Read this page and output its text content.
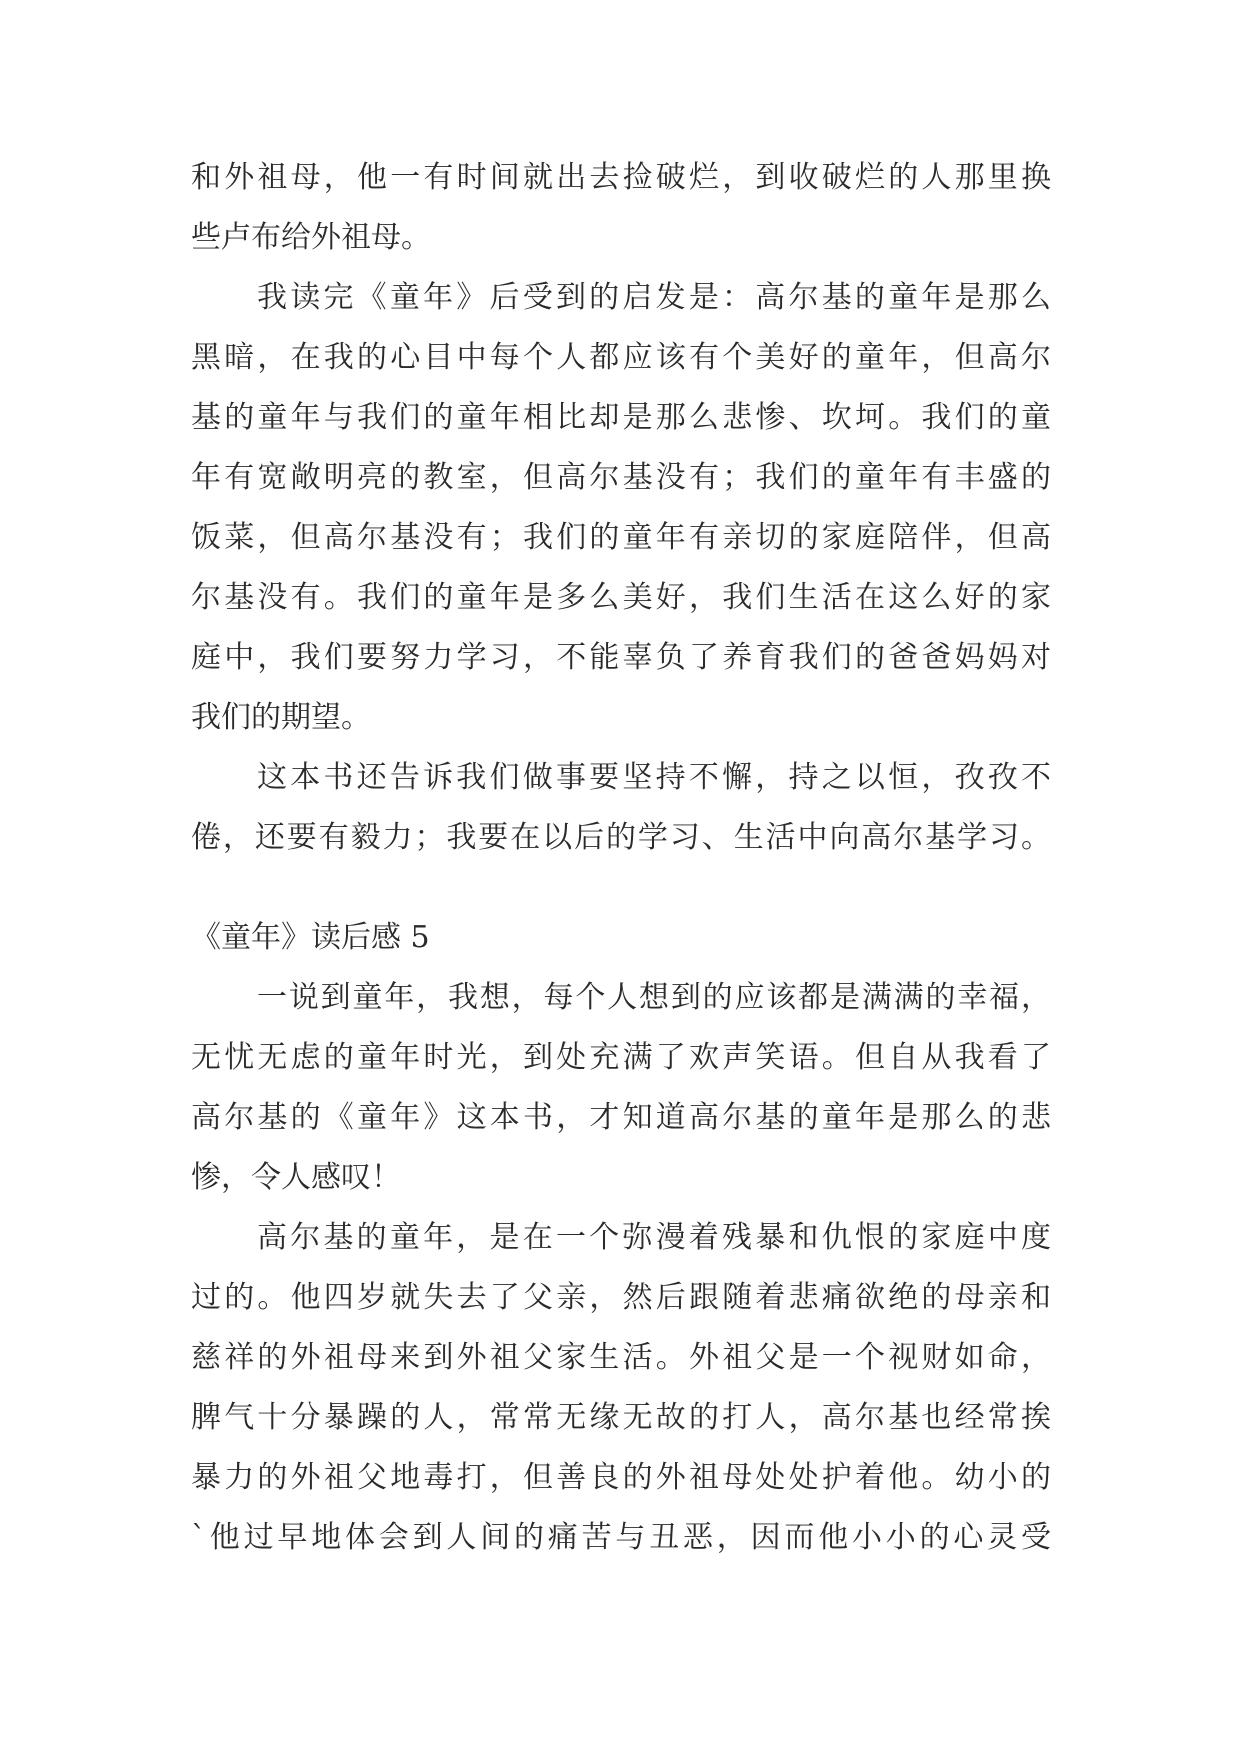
和外祖母，他一有时间就出去捡破烂，到收破烂的人那里换
些卢布给外祖母。
我读完《童年》后受到的启发是：高尔基的童年是那么
黑暗，在我的心目中每个人都应该有个美好的童年，但高尔
基的童年与我们的童年相比却是那么悲惨、坎坷。我们的童
年有宽敞明亮的教室，但高尔基没有；我们的童年有丰盛的
饭菜，但高尔基没有；我们的童年有亲切的家庭陪伴，但高
尔基没有。我们的童年是多么美好，我们生活在这么好的家
庭中，我们要努力学习，不能辜负了养育我们的爸爸妈妈对
我们的期望。
这本书还告诉我们做事要坚持不懈，持之以恒，孜孜不
倦，还要有毅力；我要在以后的学习、生活中向高尔基学习。
《童年》读后感 5
一说到童年，我想，每个人想到的应该都是满满的幸福，
无忧无虑的童年时光，到处充满了欢声笑语。但自从我看了
高尔基的《童年》这本书，才知道高尔基的童年是那么的悲
惨，令人感叹！
高尔基的童年，是在一个弥漫着残暴和仇恨的家庭中度
过的。他四岁就失去了父亲，然后跟随着悲痛欲绝的母亲和
慈祥的外祖母来到外祖父家生活。外祖父是一个视财如命，
脾气十分暴躁的人，常常无缘无故的打人，高尔基也经常挨
暴力的外祖父地毒打，但善良的外祖母处处护着他。幼小的
`他过早地体会到人间的痛苦与丑恶，因而他小小的心灵受
